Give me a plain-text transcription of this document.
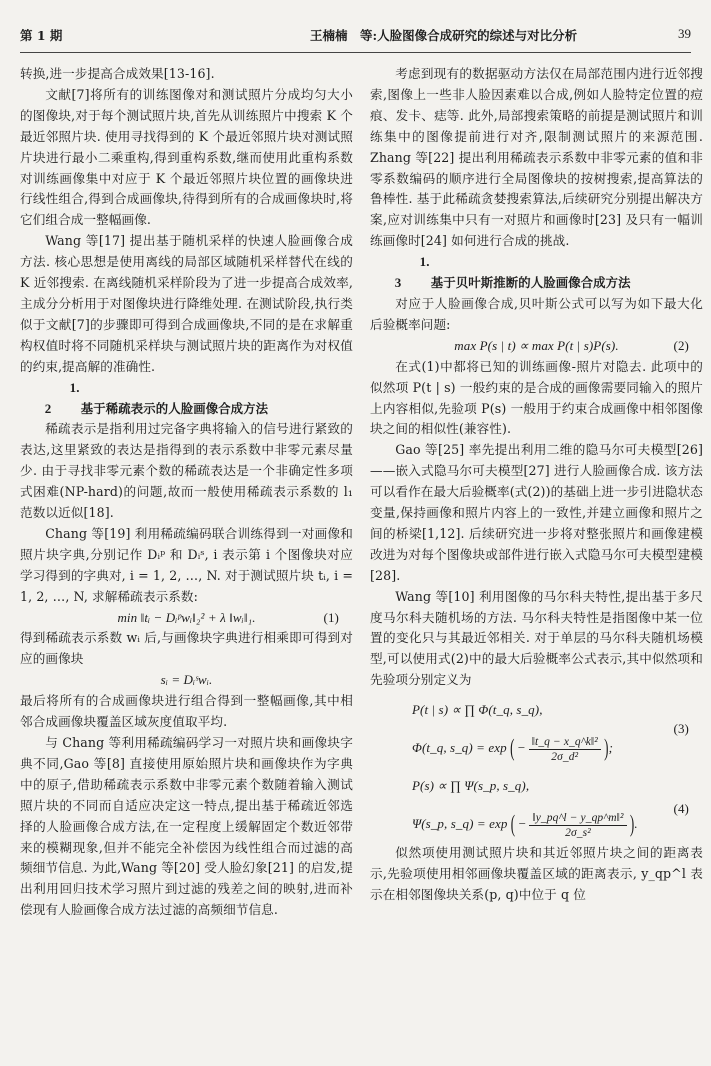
第 1 期	王楠楠　等:人脸图像合成研究的综述与对比分析	39

转换,进一步提高合成效果[13-16].

文献[7]将所有的训练图像对和测试照片分成均匀大小的图像块,对于每个测试照片块,首先从训练照片中搜索 K 个最近邻照片块. 使用寻找得到的 K 个最近邻照片块对测试照片块进行最小二乘重构,得到重构系数,继而使用此重构系数对训练画像集中对应于 K 个最近邻照片块位置的画像块进行线性组合,得到合成画像块,待得到所有的合成画像块时,将它们组合成一整幅画像.

Wang 等[17] 提出基于随机采样的快速人脸画像合成方法. 核心思想是使用离线的局部区域随机采样替代在线的 K 近邻搜索. 在离线随机采样阶段为了进一步提高合成效率,主成分分析用于对图像块进行降维处理. 在测试阶段,执行类似于文献[7]的步骤即可得到合成画像块,不同的是在求解重构权值时将不同随机采样块与测试照片块的距离作为对权值的约束,提高解的准确性.

1. 2 基于稀疏表示的人脸画像合成方法

稀疏表示是指利用过完备字典将输入的信号进行紧致的表达,这里紧致的表达是指得到的表示系数中非零元素尽量少. 由于寻找非零元素个数的稀疏表达是一个非确定性多项式困难(NP-hard)的问题,故而一般使用稀疏表示系数的 l₁ 范数以近似[18].

Chang 等[19] 利用稀疏编码联合训练得到一对画像和照片块字典,分别记作 Dᵢᵖ 和 Dᵢˢ, i 表示第 i 个图像块对应学习得到的字典对, i = 1, 2, …, N. 对于测试照片块 tᵢ, i = 1, 2, …, N, 求解稀疏表示系数:

min ‖tᵢ − Dᵢᵖwᵢ‖₂² + λ ‖wᵢ‖₁.	(1)

得到稀疏表示系数 wᵢ 后,与画像块字典进行相乘即可得到对应的画像块

sᵢ = Dᵢˢwᵢ.

最后将所有的合成画像块进行组合得到一整幅画像,其中相邻合成画像块覆盖区域灰度值取平均.

与 Chang 等利用稀疏编码学习一对照片块和画像块字典不同,Gao 等[8] 直接使用原始照片块和画像块作为字典中的原子,借助稀疏表示系数中非零元素个数随着输入测试照片块的不同而自适应决定这一特点,提出基于稀疏近邻选择的人脸画像合成方法,在一定程度上缓解固定个数近邻带来的模糊现象,但并不能完全补偿因为线性组合而过滤的高频细节信息. 为此,Wang 等[20] 受人脸幻象[21] 的启发,提出利用回归技术学习照片到过滤的残差之间的映射,进而补偿现有人脸画像合成方法过滤的高频细节信息.

考虑到现有的数据驱动方法仅在局部范围内进行近邻搜索,图像上一些非人脸因素难以合成,例如人脸特定位置的痘痕、发卡、痣等. 此外,局部搜索策略的前提是测试照片和训练集中的图像提前进行对齐,限制测试照片的来源范围. Zhang 等[22] 提出利用稀疏表示系数中非零元素的值和非零系数编码的顺序进行全局图像块的按树搜索,提高算法的鲁棒性. 基于此稀疏贪婪搜索算法,后续研究分别提出解决方案,应对训练集中只有一对照片和画像时[23] 及只有一幅训练画像时[24] 如何进行合成的挑战.

1. 3 基于贝叶斯推断的人脸画像合成方法

对应于人脸画像合成,贝叶斯公式可以写为如下最大化后验概率问题:

max P(s | t) ∝ max P(t | s)P(s).	(2)

在式(1)中都将已知的训练画像-照片对隐去. 此项中的似然项 P(t | s) 一般约束的是合成的画像需要同输入的照片上内容相似,先验项 P(s) 一般用于约束合成画像中相邻图像块之间的相似性(兼容性).

Gao 等[25] 率先提出利用二维的隐马尔可夫模型[26]——嵌入式隐马尔可夫模型[27] 进行人脸画像合成. 该方法可以看作在最大后验概率(式(2))的基础上进一步引进隐状态变量,保持画像和照片内容上的一致性,并建立画像和照片之间的桥梁[1,12]. 后续研究进一步将对整张照片和画像建模改进为对每个图像块或部件进行嵌入式隐马尔可夫模型建模[28].

Wang 等[10] 利用图像的马尔科夫特性,提出基于多尺度马尔科夫随机场的方法. 马尔科夫特性是指图像中某一位置的变化只与其最近邻相关. 对于单层的马尔科夫随机场模型,可以使用式(2)中的最大后验概率公式表示,其中似然项和先验项分别定义为

P(t | s) ∝ ∏ Φ(t_q, s_q),
Φ(t_q, s_q) = exp ( − $\frac{\text{‖t\_q − x\_q\textasciicircum{}k‖²}}{\text{2σ\_d²}}$ );
P(s) ∝ ∏ Ψ(s_p, s_q),
Ψ(s_p, s_q) = exp ( − $\frac{\text{‖y\_pq\textasciicircum{}l − y\_qp\textasciicircum{}m‖²}}{\text{2σ\_s²}}$ ).
(3)
(4)

似然项使用测试照片块和其近邻照片块之间的距离表示,先验项使用相邻画像块覆盖区域的距离表示, y_qp^l 表示在相邻图像块关系(p, q)中位于 q 位
